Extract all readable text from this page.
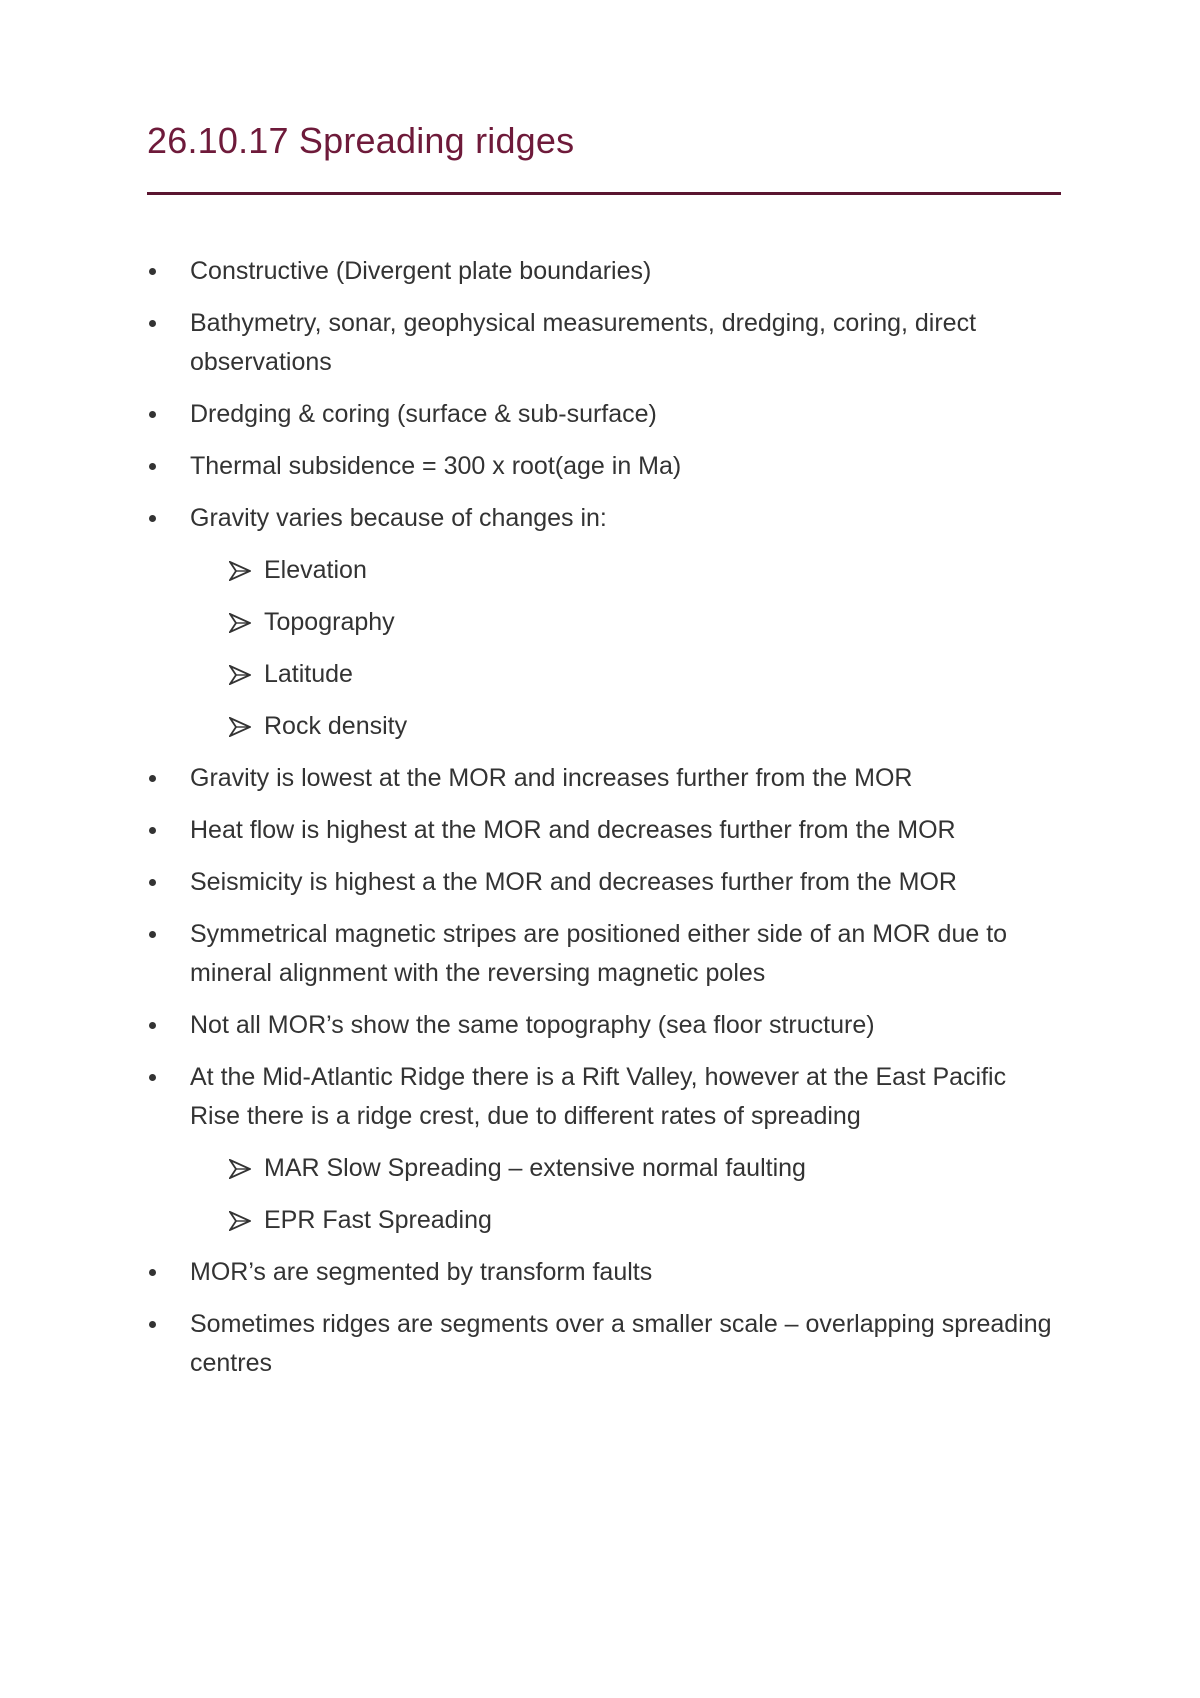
26.10.17 Spreading ridges
Constructive (Divergent plate boundaries)
Bathymetry, sonar, geophysical measurements, dredging, coring, direct observations
Dredging & coring (surface & sub-surface)
Thermal subsidence = 300 x root(age in Ma)
Gravity varies because of changes in:
Elevation
Topography
Latitude
Rock density
Gravity is lowest at the MOR and increases further from the MOR
Heat flow is highest at the MOR and decreases further from the MOR
Seismicity is highest a the MOR and decreases further from the MOR
Symmetrical magnetic stripes are positioned either side of an MOR due to mineral alignment with the reversing magnetic poles
Not all MOR’s show the same topography (sea floor structure)
At the Mid-Atlantic Ridge there is a Rift Valley, however at the East Pacific Rise there is a ridge crest, due to different rates of spreading
MAR Slow Spreading – extensive normal faulting
EPR Fast Spreading
MOR’s are segmented by transform faults
Sometimes ridges are segments over a smaller scale – overlapping spreading centres
